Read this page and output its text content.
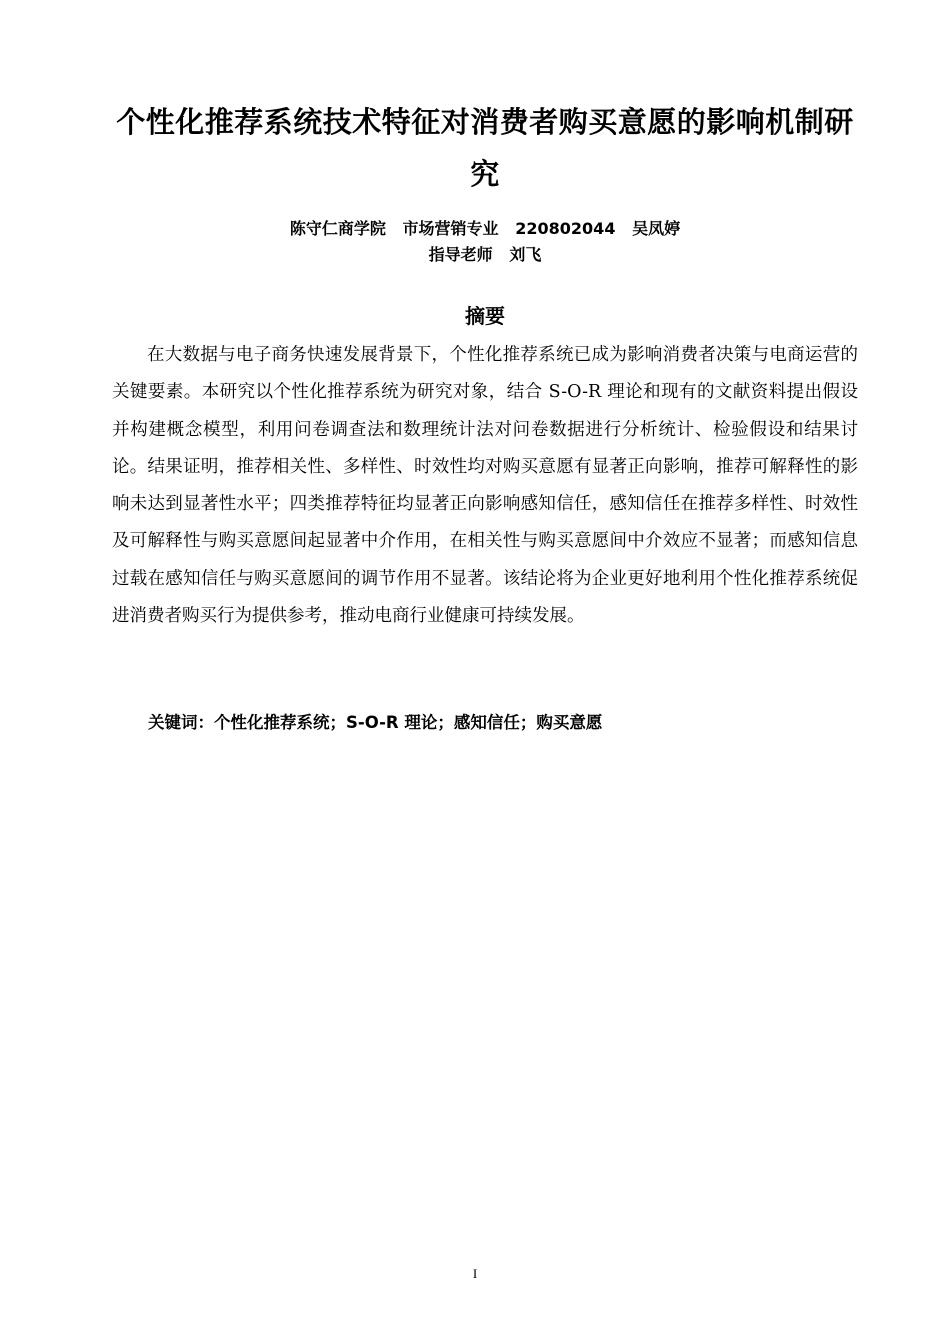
个性化推荐系统技术特征对消费者购买意愿的影响机制研究
陈守仁商学院   市场营销专业   220802044   吴凤婷
指导老师   刘飞
摘要

在大数据与电子商务快速发展背景下，个性化推荐系统已成为影响消费者决策与电商运营的关键要素。本研究以个性化推荐系统为研究对象，结合 S-O-R 理论和现有的文献资料提出假设并构建概念模型，利用问卷调查法和数理统计法对问卷数据进行分析统计、检验假设和结果讨论。结果证明，推荐相关性、多样性、时效性均对购买意愿有显著正向影响，推荐可解释性的影响未达到显著性水平；四类推荐特征均显著正向影响感知信任，感知信任在推荐多样性、时效性及可解释性与购买意愿间起显著中介作用，在相关性与购买意愿间中介效应不显著；而感知信息过载在感知信任与购买意愿间的调节作用不显著。该结论将为企业更好地利用个性化推荐系统促进消费者购买行为提供参考，推动电商行业健康可持续发展。

关键词：个性化推荐系统；S-O-R 理论；感知信任；购买意愿
I
